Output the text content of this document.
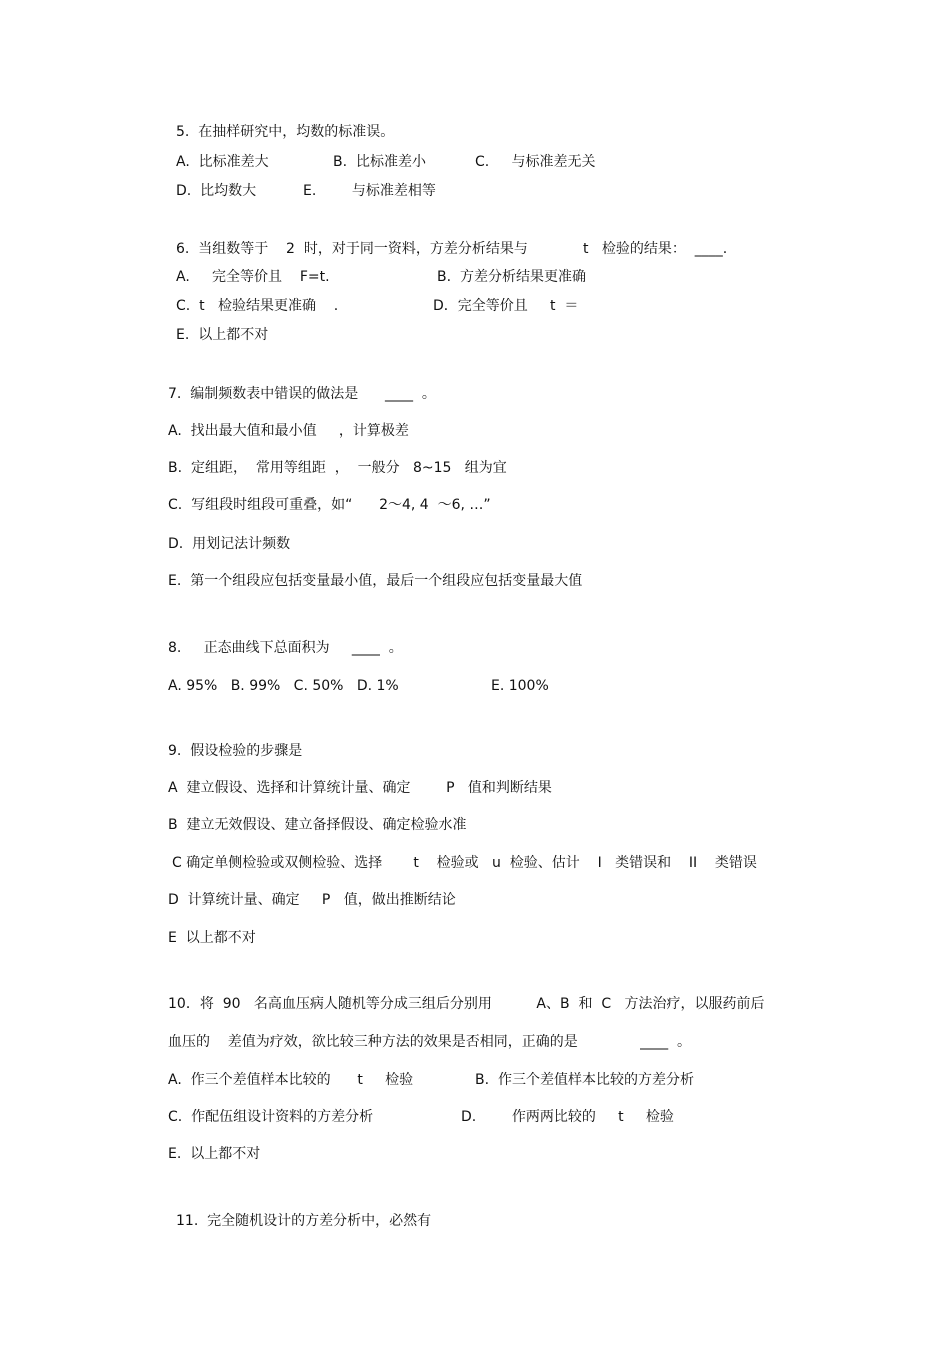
5.  在抽样研究中，均数的标准误。
A.  比标准差大	B.  比标准差小	C.     与标准差无关
D.  比均数大	E.        与标准差相等
6.  当组数等于    2  时，对于同一资料，方差分析结果与	t   检验的结果：  ____.
A.     完全等价且    F=t.	B.  方差分析结果更准确
C.  t   检验结果更准确    .	D．完全等价且     t  ＝
E.  以上都不对
7.  编制频数表中错误的做法是      ____  。
A.  找出最大值和最小值     ，计算极差
B.  定组距，  常用等组距  ，  一般分   8~15   组为宜
C.  写组段时组段可重叠，如“      2～4, 4  ～6, …”
D.  用划记法计频数
E.  第一个组段应包括变量最小值，最后一个组段应包括变量最大值
8.     正态曲线下总面积为     ____  。
A. 95%   B. 99%   C. 50%   D. 1%	E. 100%
9.  假设检验的步骤是
A  建立假设、选择和计算统计量、确定        P   值和判断结果
B  建立无效假设、建立备择假设、确定检验水准
C 确定单侧检验或双侧检验、选择       t    检验或   u  检验、估计    I   类错误和    II    类错误
D  计算统计量、确定     P   值，做出推断结论
E  以上都不对
10．将  90   名高血压病人随机等分成三组后分别用          A、B  和  C   方法治疗，以服药前后
血压的    差值为疗效，欲比较三种方法的效果是否相同，正确的是              ____  。
A.  作三个差值样本比较的      t     检验	B.  作三个差值样本比较的方差分析
C.  作配伍组设计资料的方差分析	D.        作两两比较的     t     检验
E.  以上都不对
11.  完全随机设计的方差分析中，必然有
